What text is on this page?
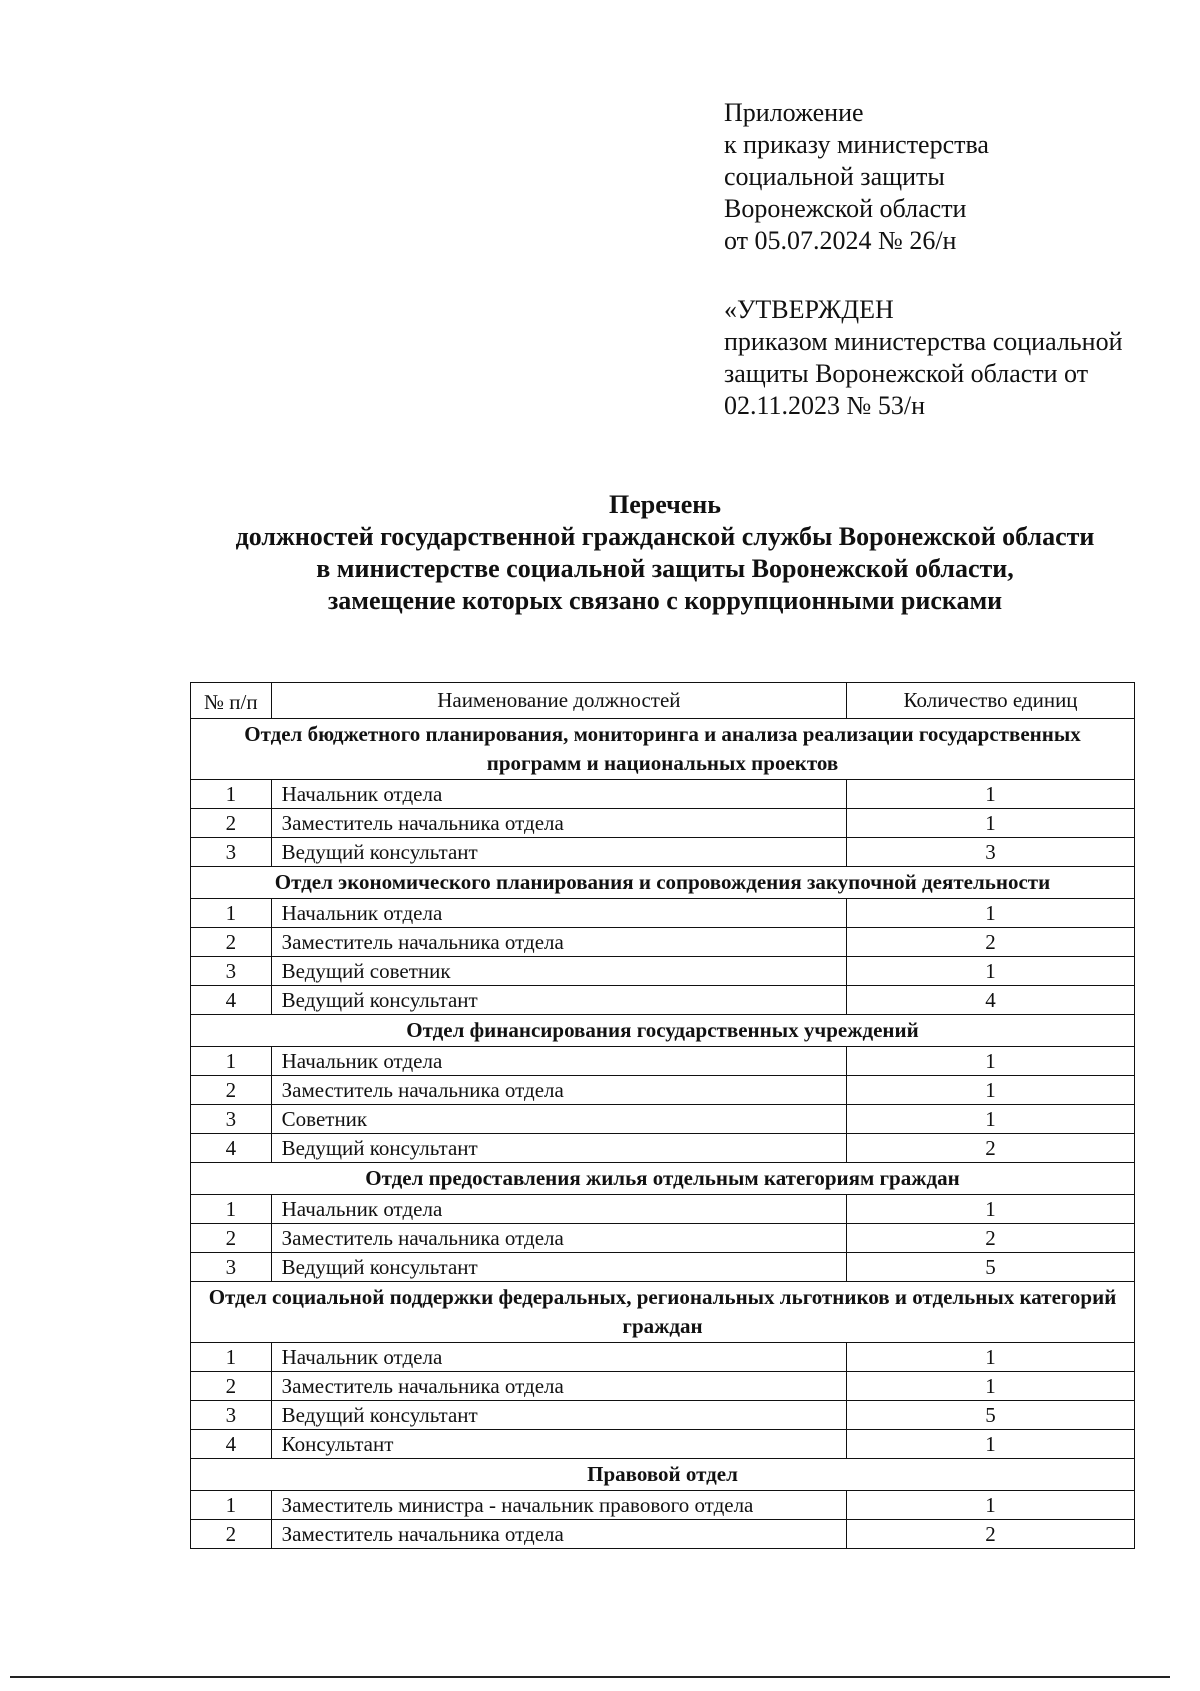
Приложение
к приказу министерства
социальной защиты
Воронежской области
от 05.07.2024 № 26/н
«УТВЕРЖДЕН
приказом министерства социальной
защиты Воронежской области от
02.11.2023 № 53/н
Перечень
должностей государственной гражданской службы Воронежской области
в министерстве социальной защиты Воронежской области,
замещение которых связано с коррупционными рисками
№ п/п	Наименование должностей	Количество единиц
Отдел бюджетного планирования, мониторинга и анализа реализации государственных программ и национальных проектов		
1	Начальник отдела	1
2	Заместитель начальника отдела	1
3	Ведущий консультант	3
Отдел экономического планирования и сопровождения закупочной деятельности		
1	Начальник отдела	1
2	Заместитель начальника отдела	2
3	Ведущий советник	1
4	Ведущий консультант	4
Отдел финансирования государственных учреждений		
1	Начальник отдела	1
2	Заместитель начальника отдела	1
3	Советник	1
4	Ведущий консультант	2
Отдел предоставления жилья отдельным категориям граждан		
1	Начальник отдела	1
2	Заместитель начальника отдела	2
3	Ведущий консультант	5
Отдел социальной поддержки федеральных, региональных льготников и отдельных категорий граждан		
1	Начальник отдела	1
2	Заместитель начальника отдела	1
3	Ведущий консультант	5
4	Консультант	1
Правовой отдел		
1	Заместитель министра - начальник правового отдела	1
2	Заместитель начальника отдела	2
